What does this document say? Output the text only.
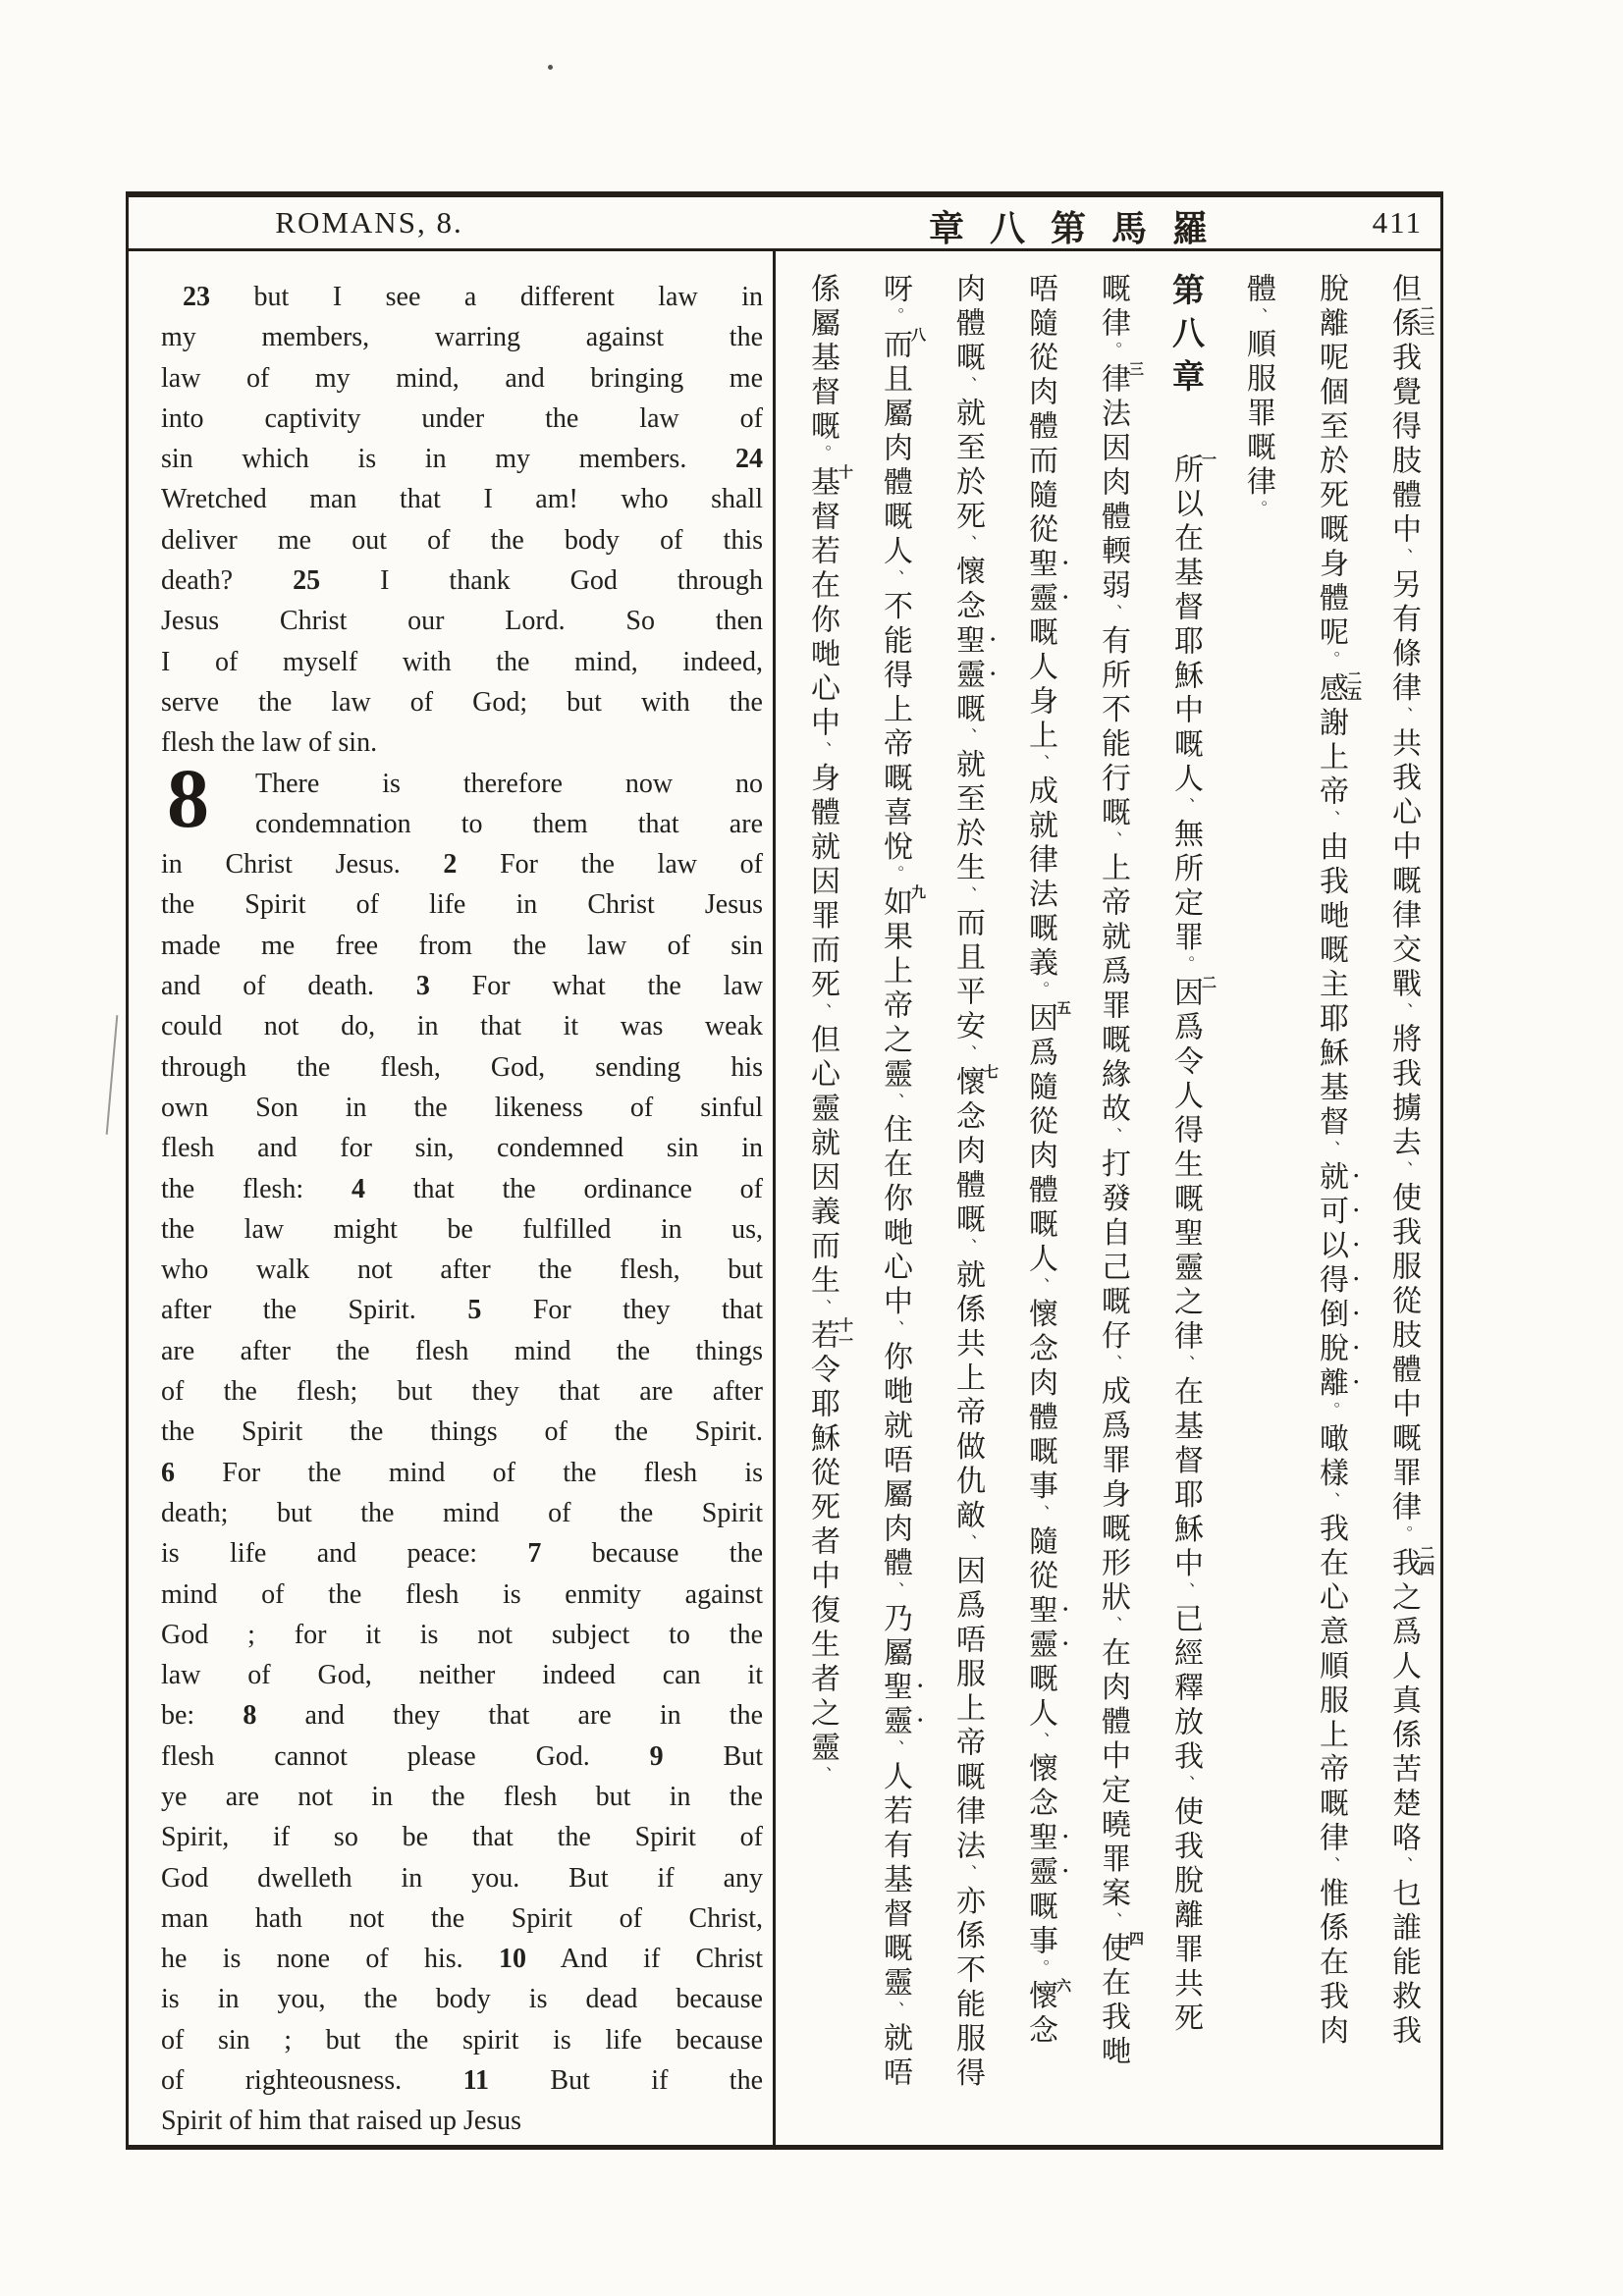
ROMANS, 8.	章八第馬羅	411
23 but I see a different law in
my members, warring against the
law of my mind, and bringing me
into captivity under the law of
sin which is in my members. 24
Wretched man that I am! who shall
deliver me out of the body of this
death? 25 I thank God through
Jesus Christ our Lord. So then
I of myself with the mind, indeed,
serve the law of God; but with the
flesh the law of sin.
8	There is therefore now no
condemnation to them that are
in Christ Jesus. 2 For the law of
the Spirit of life in Christ Jesus
made me free from the law of sin
and of death. 3 For what the law
could not do, in that it was weak
through the flesh, God, sending his
own Son in the likeness of sinful
flesh and for sin, condemned sin in
the flesh: 4 that the ordinance of
the law might be fulfilled in us,
who walk not after the flesh, but
after the Spirit. 5 For they that
are after the flesh mind the things
of the flesh; but they that are after
the Spirit the things of the Spirit.
6 For the mind of the flesh is
death; but the mind of the Spirit
is life and peace: 7 because the
mind of the flesh is enmity against
God ; for it is not subject to the
law of God, neither indeed can it
be: 8 and they that are in the
flesh cannot please God. 9 But
ye are not in the flesh but in the
Spirit, if so be that the Spirit of
God dwelleth in you. But if any
man hath not the Spirit of Christ,
he is none of his. 10 And if Christ
is in you, the body is dead because
of sin ; but the spirit is life because
of righteousness. 11 But if the
Spirit of him that raised up Jesus
但
二三
係我覺得肢體中、另有條律、共我心中嘅律交戰、將我擄去、使我服從肢體中嘅罪律。
二四
我之爲人真係苦楚咯、乜誰能救我
脫離呢個至於死嘅身體呢。
二五
感謝上帝、由我哋嘅主耶穌基督、就可以得倒脫離。噉樣、我在心意順服上帝嘅律、惟係在我肉
體、順服罪嘅律。
第八章
一
所以在基督耶穌中嘅人、無所定罪。
二
因爲令人得生嘅聖靈之律、在基督耶穌中、已經釋放我、使我脫離罪共死
嘅律。
三
律法因肉體輭弱、有所不能行嘅、上帝就爲罪嘅緣故、打發自己嘅仔、成爲罪身嘅形狀、在肉體中定曉罪案、
四
使在我哋
唔隨從肉體而隨從聖靈嘅人身上、成就律法嘅義。
五
因爲隨從肉體嘅人、懷念肉體嘅事、隨從聖靈嘅人、懷念聖靈嘅事。
六
懷念
肉體嘅、就至於死、懷念聖靈嘅、就至於生、而且平安、
七
懷念肉體嘅、就係共上帝做仇敵、因爲唔服上帝嘅律法、亦係不能服得
呀。
八
而且屬肉體嘅人、不能得上帝嘅喜悅。
九
如果上帝之靈、住在你哋心中、你哋就唔屬肉體、乃屬聖靈、人若有基督嘅靈、就唔
係屬基督嘅。
十
基督若在你哋心中、身體就因罪而死、但心靈就因義而生、
十一
若令耶穌從死者中復生者之靈、
